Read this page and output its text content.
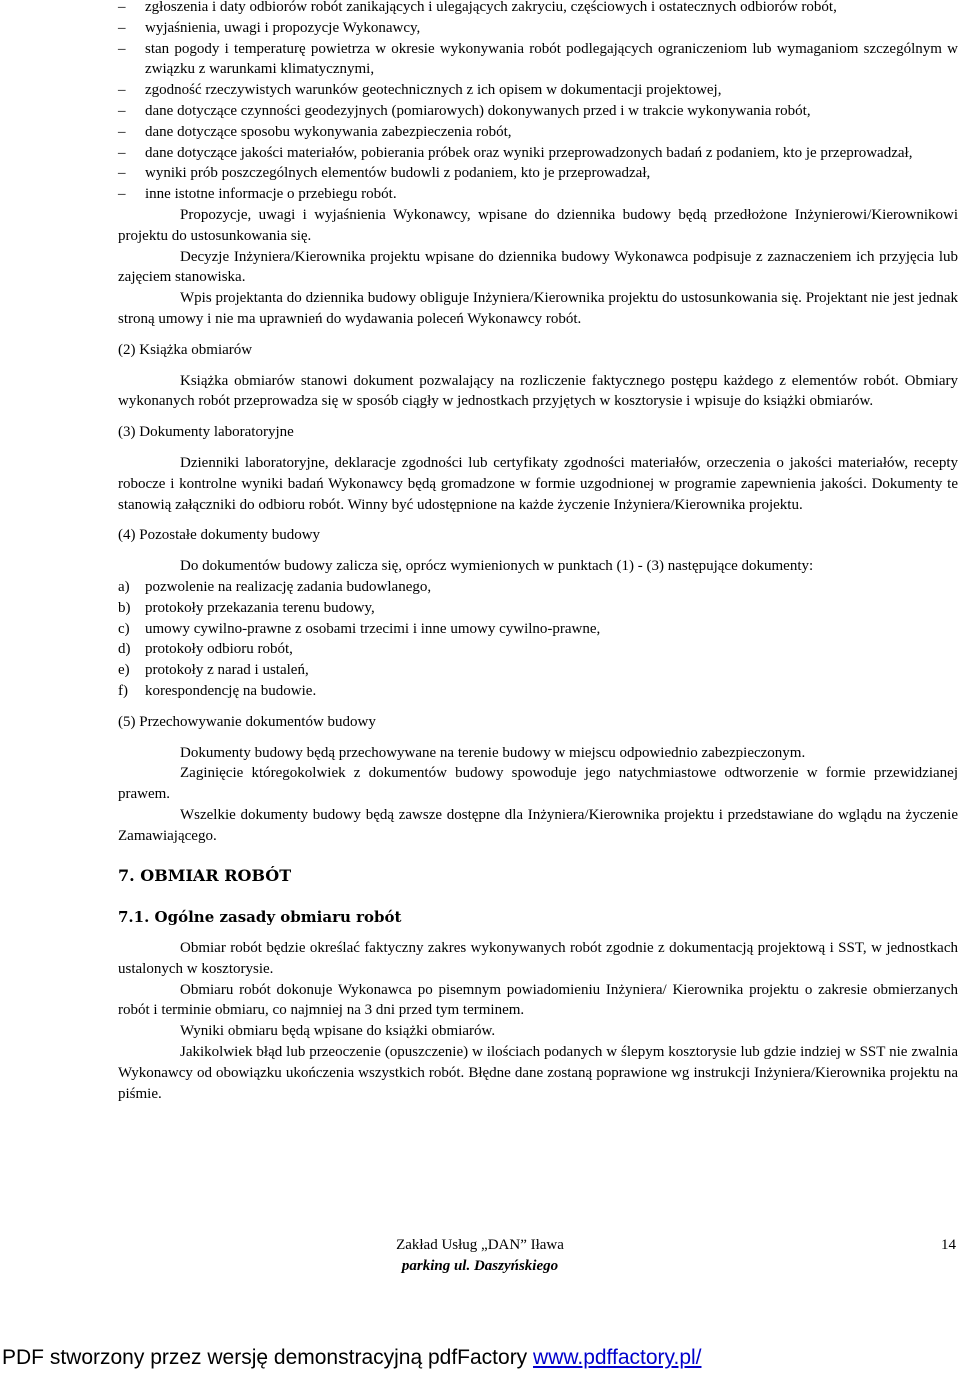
– zgłoszenia i daty odbiorów robót zanikających i ulegających zakryciu, częściowych i ostatecznych odbiorów robót,
– wyjaśnienia, uwagi i propozycje Wykonawcy,
– stan pogody i temperaturę powietrza w okresie wykonywania robót podlegających ograniczeniom lub wymaganiom szczególnym w związku z warunkami klimatycznymi,
– zgodność rzeczywistych warunków geotechnicznych z ich opisem w dokumentacji projektowej,
– dane dotyczące czynności geodezyjnych (pomiarowych) dokonywanych przed i w trakcie wykonywania robót,
– dane dotyczące sposobu wykonywania zabezpieczenia robót,
– dane dotyczące jakości materiałów, pobierania próbek oraz wyniki przeprowadzonych badań z podaniem, kto je przeprowadzał,
– wyniki prób poszczególnych elementów budowli z podaniem, kto je przeprowadzał,
– inne istotne informacje o przebiegu robót.

Propozycje, uwagi i wyjaśnienia Wykonawcy, wpisane do dziennika budowy będą przedłożone Inżynierowi/Kierownikowi projektu do ustosunkowania się.

Decyzje Inżyniera/Kierownika projektu wpisane do dziennika budowy Wykonawca podpisuje z zaznaczeniem ich przyjęcia lub zajęciem stanowiska.

Wpis projektanta do dziennika budowy obliguje Inżyniera/Kierownika projektu do ustosunkowania się. Projektant nie jest jednak stroną umowy i nie ma uprawnień do wydawania poleceń Wykonawcy robót.

(2) Książka obmiarów

Książka obmiarów stanowi dokument pozwalający na rozliczenie faktycznego postępu każdego z elementów robót. Obmiary wykonanych robót przeprowadza się w sposób ciągły w jednostkach przyjętych w kosztorysie i wpisuje do książki obmiarów.

(3) Dokumenty laboratoryjne

Dzienniki laboratoryjne, deklaracje zgodności lub certyfikaty zgodności materiałów, orzeczenia o jakości materiałów, recepty robocze i kontrolne wyniki badań Wykonawcy będą gromadzone w formie uzgodnionej w programie zapewnienia jakości. Dokumenty te stanowią załączniki do odbioru robót. Winny być udostępnione na każde życzenie Inżyniera/Kierownika projektu.

(4) Pozostałe dokumenty budowy

Do dokumentów budowy zalicza się, oprócz wymienionych w punktach (1) - (3) następujące dokumenty:

a)	pozwolenie na realizację zadania budowlanego,
b) protokoły przekazania terenu budowy,
c)	umowy cywilno-prawne z osobami trzecimi i inne umowy cywilno-prawne,
d) protokoły odbioru robót,
e)	protokoły z narad i ustaleń,
f)	korespondencję na budowie.

(5) Przechowywanie dokumentów budowy

Dokumenty budowy będą przechowywane na terenie budowy w miejscu odpowiednio zabezpieczonym.

Zaginięcie któregokolwiek z dokumentów budowy spowoduje jego natychmiastowe odtworzenie w formie przewidzianej prawem.

Wszelkie dokumenty budowy będą zawsze dostępne dla Inżyniera/Kierownika projektu i przedstawiane do wglądu na życzenie Zamawiającego.

7. OBMIAR ROBÓT

7.1. Ogólne zasady obmiaru robót

Obmiar robót będzie określać faktyczny zakres wykonywanych robót zgodnie z dokumentacją projektową i SST, w jednostkach ustalonych w kosztorysie.

Obmiaru robót dokonuje Wykonawca po pisemnym powiadomieniu Inżyniera/ Kierownika projektu o zakresie obmierzanych robót i terminie obmiaru, co najmniej na 3 dni przed tym terminem.

Wyniki obmiaru będą wpisane do książki obmiarów.

Jakikolwiek błąd lub przeoczenie (opuszczenie) w ilościach podanych w ślepym kosztorysie lub gdzie indziej w SST nie zwalnia Wykonawcy od obowiązku ukończenia wszystkich robót. Błędne dane zostaną poprawione wg instrukcji Inżyniera/Kierownika projektu na piśmie.

Zakład Usług „DAN” Iława
parking ul. Daszyńskiego
14
PDF stworzony przez wersję demonstracyjną pdfFactory www.pdffactory.pl/
